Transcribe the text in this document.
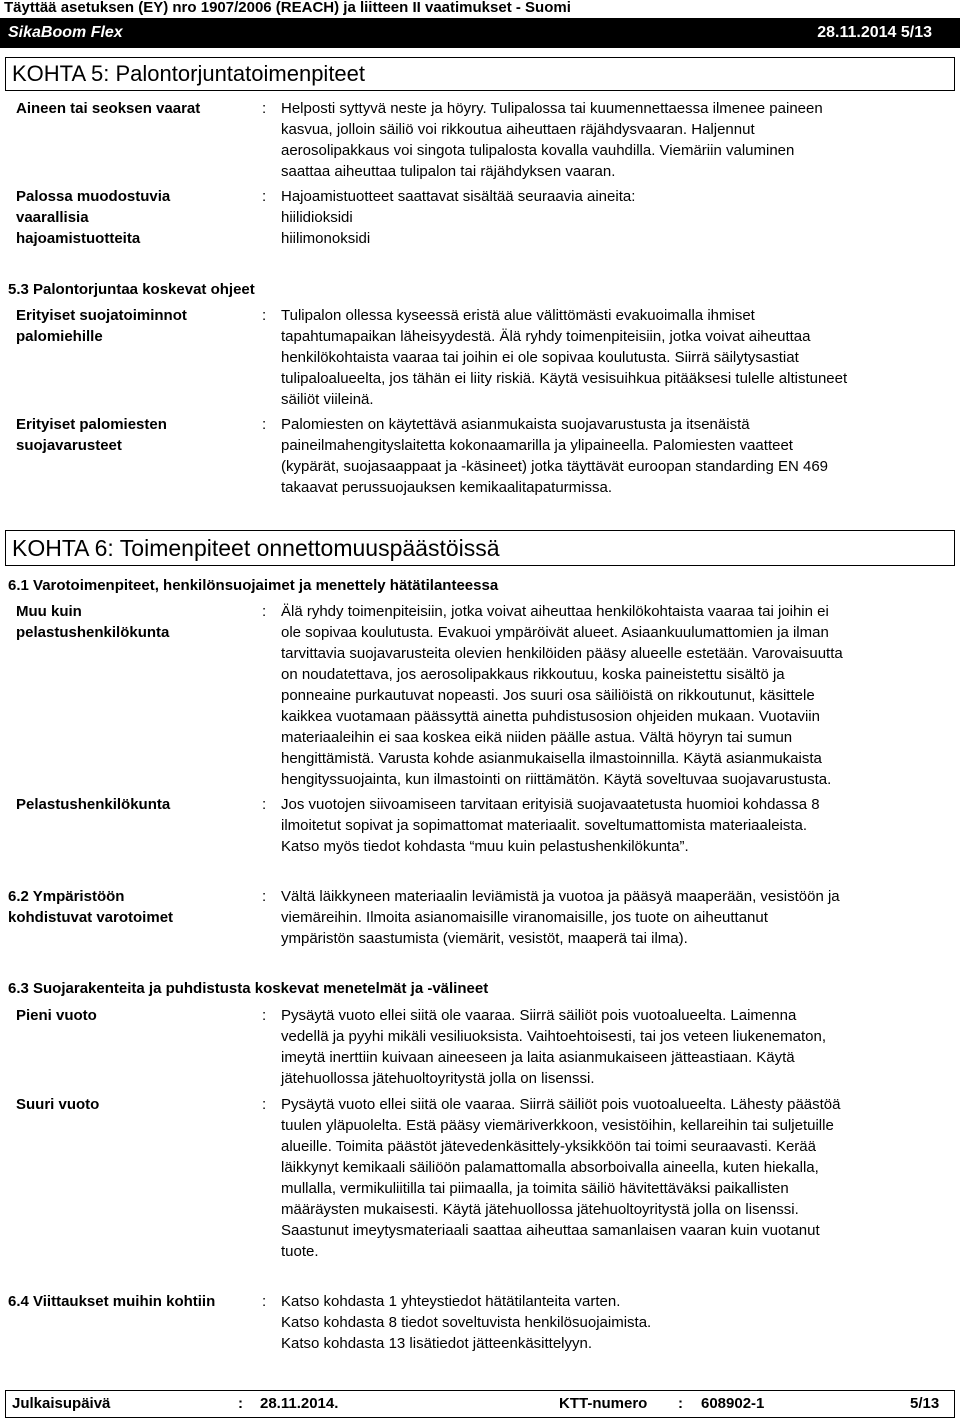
Täyttää asetuksen (EY) nro 1907/2006 (REACH) ja liitteen II vaatimukset - Suomi
SikaBoom Flex	28.11.2014 5/13
KOHTA 5: Palontorjuntatoimenpiteet
Aineen tai seoksen vaarat	: Helposti syttyvä neste ja höyry. Tulipalossa tai kuumennettaessa ilmenee paineen
kasvua, jolloin säiliö voi rikkoutua aiheuttaen räjähdysvaaran. Haljennut
aerosolipakkaus voi singota tulipalosta kovalla vauhdilla. Viemäriin valuminen
saattaa aiheuttaa tulipalon tai räjähdyksen vaaran.
Palossa muodostuvia
vaarallisia
hajoamistuotteita
: Hajoamistuotteet saattavat sisältää seuraavia aineita:
hiilidioksidi
hiilimonoksidi
5.3 Palontorjuntaa koskevat ohjeet
Erityiset suojatoiminnot
palomiehille
: Tulipalon ollessa kyseessä eristä alue välittömästi evakuoimalla ihmiset
tapahtumapaikan läheisyydestä. Älä ryhdy toimenpiteisiin, jotka voivat aiheuttaa
henkilökohtaista vaaraa tai joihin ei ole sopivaa koulutusta. Siirrä säilytysastiat
tulipaloalueelta, jos tähän ei liity riskiä. Käytä vesisuihkua pitääksesi tulelle altistuneet
säiliöt viileinä.
Erityiset palomiesten
suojavarusteet
: Palomiesten on käytettävä asianmukaista suojavarustusta ja itsenäistä
paineilmahengityslaitetta kokonaamarilla ja ylipaineella. Palomiesten vaatteet
(kypärät, suojasaappaat ja -käsineet) jotka täyttävät euroopan standarding EN 469
takaavat perussuojauksen kemikaalitapaturmissa.
KOHTA 6: Toimenpiteet onnettomuuspäästöissä
6.1 Varotoimenpiteet, henkilönsuojaimet ja menettely hätätilanteessa
Muu kuin
pelastushenkilökunta
: Älä ryhdy toimenpiteisiin, jotka voivat aiheuttaa henkilökohtaista vaaraa tai joihin ei
ole sopivaa koulutusta. Evakuoi ympäröivät alueet. Asiaankuulumattomien ja ilman
tarvittavia suojavarusteita olevien henkilöiden pääsy alueelle estetään. Varovaisuutta
on noudatettava, jos aerosolipakkaus rikkoutuu, koska paineistettu sisältö ja
ponneaine purkautuvat nopeasti. Jos suuri osa säiliöistä on rikkoutunut, käsittele
kaikkea vuotamaan päässyttä ainetta puhdistusosion ohjeiden mukaan. Vuotaviin
materiaaleihin ei saa koskea eikä niiden päälle astua. Vältä höyryn tai sumun
hengittämistä. Varusta kohde asianmukaisella ilmastoinnilla. Käytä asianmukaista
hengityssuojainta, kun ilmastointi on riittämätön. Käytä soveltuvaa suojavarustusta.
Pelastushenkilökunta	: Jos vuotojen siivoamiseen tarvitaan erityisiä suojavaatetusta huomioi kohdassa 8
ilmoitetut sopivat ja sopimattomat materiaalit. soveltumattomista materiaaleista.
Katso myös tiedot kohdasta “muu kuin pelastushenkilökunta”.
6.2 Ympäristöön
kohdistuvat varotoimet
: Vältä läikkyneen materiaalin leviämistä ja vuotoa ja pääsyä maaperään, vesistöön ja
viemäreihin. Ilmoita asianomaisille viranomaisille, jos tuote on aiheuttanut
ympäristön saastumista (viemärit, vesistöt, maaperä tai ilma).
6.3 Suojarakenteita ja puhdistusta koskevat menetelmät ja -välineet
Pieni vuoto	: Pysäytä vuoto ellei siitä ole vaaraa. Siirrä säiliöt pois vuotoalueelta. Laimenna
vedellä ja pyyhi mikäli vesiliuoksista. Vaihtoehtoisesti, tai jos veteen liukenematon,
imeytä inerttiin kuivaan aineeseen ja laita asianmukaiseen jätteastiaan. Käytä
jätehuollossa jätehuoltoyritystä jolla on lisenssi.
Suuri vuoto	: Pysäytä vuoto ellei siitä ole vaaraa. Siirrä säiliöt pois vuotoalueelta. Lähesty päästöä
tuulen yläpuolelta. Estä pääsy viemäriverkkoon, vesistöihin, kellareihin tai suljetuille
alueille. Toimita päästöt jätevedenkäsittely-yksikköön tai toimi seuraavasti. Kerää
läikkynyt kemikaali säiliöön palamattomalla absorboivalla aineella, kuten hiekalla,
mullalla, vermikuliitilla tai piimaalla, ja toimita säiliö hävitettäväksi paikallisten
määräysten mukaisesti. Käytä jätehuollossa jätehuoltoyritystä jolla on lisenssi.
Saastunut imeytysmateriaali saattaa aiheuttaa samanlaisen vaaran kuin vuotanut
tuote.
6.4 Viittaukset muihin kohtiin	: Katso kohdasta 1 yhteystiedot hätätilanteita varten.
Katso kohdasta 8 tiedot soveltuvista henkilösuojaimista.
Katso kohdasta 13 lisätiedot jätteenkäsittelyyn.
Julkaisupäivä	: 28.11.2014.	KTT-numero : 608902-1	5/13
